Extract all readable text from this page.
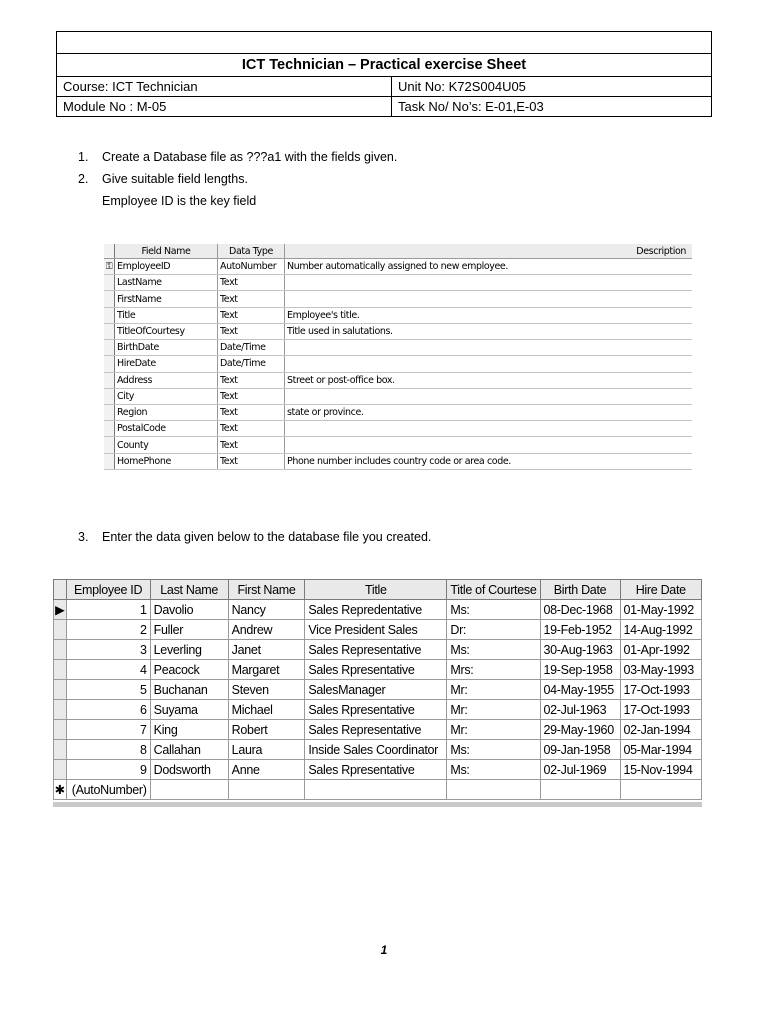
ICT Technician – Practical exercise Sheet	
Course: ICT Technician	Unit No: K72S004U05
Module No : M-05	Task No/ No’s: E-01,E-03
1. Create a Database file as ???a1 with the fields given.
2. Give suitable field lengths.
Employee ID is the key field
	Field Name	Data Type	Description
⚿	EmployeeID	AutoNumber	Number automatically assigned to new employee.
	LastName	Text	
	FirstName	Text	
	Title	Text	Employee's title.
	TitleOfCourtesy	Text	Title used in salutations.
	BirthDate	Date/Time	
	HireDate	Date/Time	
	Address	Text	Street or post-office box.
	City	Text	
	Region	Text	state or province.
	PostalCode	Text	
	County	Text	
	HomePhone	Text	Phone number includes country code or area code.
3. Enter the data given below to the database file you created.
	Employee ID	Last Name	First Name	Title	Title of Courtese	Birth Date	Hire Date
▶	1	Davolio	Nancy	Sales Repredentative	Ms:	08-Dec-1968	01-May-1992
	2	Fuller	Andrew	Vice President Sales	Dr:	19-Feb-1952	14-Aug-1992
	3	Leverling	Janet	Sales Representative	Ms:	30-Aug-1963	01-Apr-1992
	4	Peacock	Margaret	Sales Rpresentative	Mrs:	19-Sep-1958	03-May-1993
	5	Buchanan	Steven	SalesManager	Mr:	04-May-1955	17-Oct-1993
	6	Suyama	Michael	Sales Rpresentative	Mr:	02-Jul-1963	17-Oct-1993
	7	King	Robert	Sales Representative	Mr:	29-May-1960	02-Jan-1994
	8	Callahan	Laura	Inside Sales Coordinator	Ms:	09-Jan-1958	05-Mar-1994
	9	Dodsworth	Anne	Sales Rpresentative	Ms:	02-Jul-1969	15-Nov-1994
✱	(AutoNumber)						
1
